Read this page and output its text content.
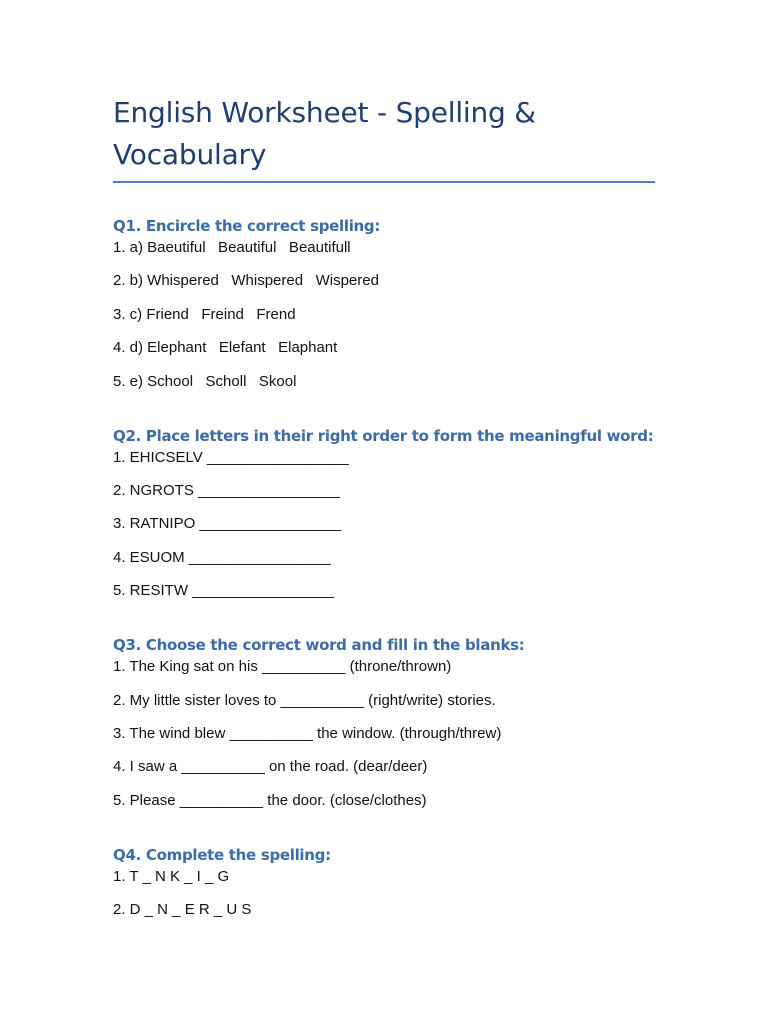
English Worksheet - Spelling & Vocabulary

Q1. Encircle the correct spelling:

1. a) Baeutiful   Beautiful   Beautifull

2. b) Whispered   Whispered   Wispered

3. c) Friend   Freind   Frend

4. d) Elephant   Elefant   Elaphant

5. e) School   Scholl   Skool

Q2. Place letters in their right order to form the meaningful word:

1. EHICSELV _________________

2. NGROTS _________________

3. RATNIPO _________________

4. ESUOM _________________

5. RESITW _________________

Q3. Choose the correct word and fill in the blanks:

1. The King sat on his __________ (throne/thrown)

2. My little sister loves to __________ (right/write) stories.

3. The wind blew __________ the window. (through/threw)

4. I saw a __________ on the road. (dear/deer)

5. Please __________ the door. (close/clothes)

Q4. Complete the spelling:

1. T _ N K _ I _ G

2. D _ N _ E R _ U S
